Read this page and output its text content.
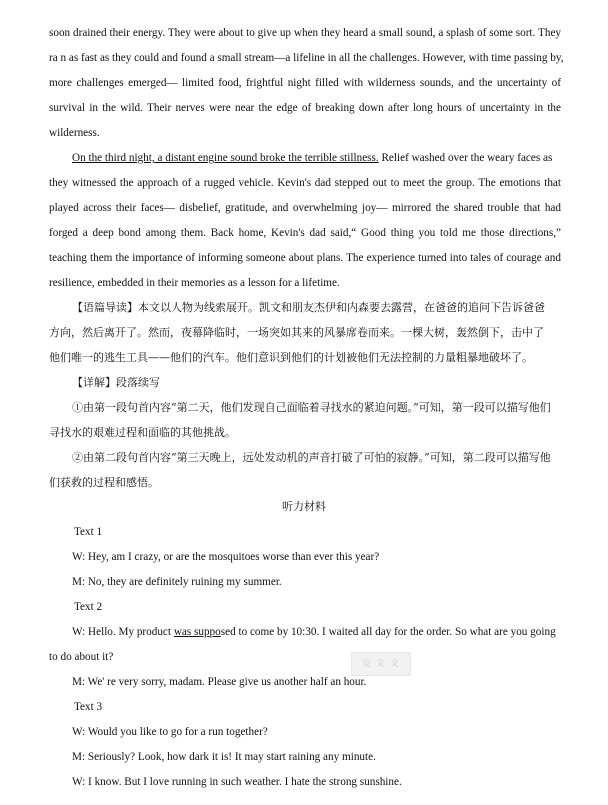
soon drained their energy. They were about to give up when they heard a small sound, a splash of some sort. They
ra n as fast as they could and found a small stream—a lifeline in all the challenges. However, with time passing by,
more challenges emerged— limited food, frightful night filled with wilderness sounds, and the uncertainty of
survival in the wild. Their nerves were near the edge of breaking down after long hours of uncertainty in the
wilderness.
On the third night, a distant engine sound broke the terrible stillness. Relief washed over the weary faces as
they witnessed the approach of a rugged vehicle. Kevin's dad stepped out to meet the group. The emotions that
played across their faces— disbelief, gratitude, and overwhelming joy— mirrored the shared trouble that had
forged a deep bond among them. Back home, Kevin's dad said,“ Good thing you told me those directions,”
teaching them the importance of informing someone about plans. The experience turned into tales of courage and
resilience, embedded in their memories as a lesson for a lifetime.
【语篇导读】本文以人物为线索展开。凯文和朋友杰伊和内森要去露营，在爸爸的追问下告诉爸爸
方向，然后离开了。然而，夜幕降临时，一场突如其来的风暴席卷而来。一棵大树，轰然倒下，击中了
他们唯一的逃生工具——他们的汽车。他们意识到他们的计划被他们无法控制的力量粗暴地破坏了。
【详解】段落续写
①由第一段句首内容“第二天，他们发现自己面临着寻找水的紧迫问题。”可知，第一段可以描写他们
寻找水的艰难过程和面临的其他挑战。
②由第二段句首内容“第三天晚上，远处发动机的声音打破了可怕的寂静。”可知，第二段可以描写他
们获救的过程和感悟。
听力材料
Text 1
W: Hey, am I crazy, or are the mosquitoes worse than ever this year?
M: No, they are definitely ruining my summer.
Text 2
W: Hello. My product was supposed to come by 10:30. I waited all day for the order. So what are you going
to do about it?
M: We' re very sorry, madam. Please give us another half an hour.
Text 3
W: Would you like to go for a run together?
M: Seriously? Look, how dark it is! It may start raining any minute.
W: I know. But I love running in such weather. I hate the strong sunshine.
安 文 文
